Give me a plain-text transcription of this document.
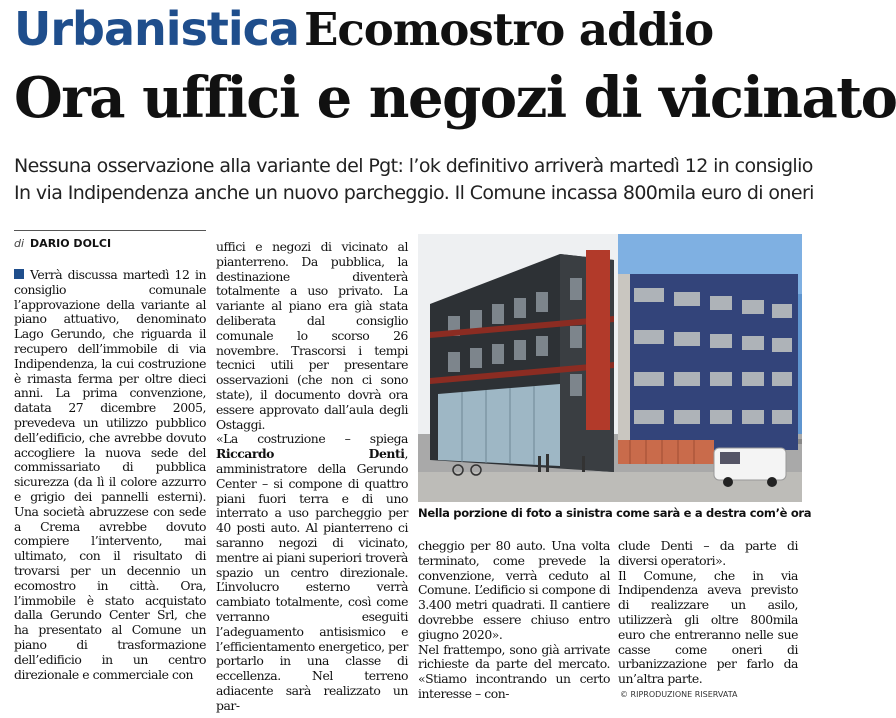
Urbanistica Ecomostro addio
Ora uffici e negozi di vicinato
Nessuna osservazione alla variante del Pgt: l’ok definitivo arriverà martedì 12 in consiglio
In via Indipendenza anche un nuovo parcheggio. Il Comune incassa 800mila euro di oneri
di DARIO DOLCI

Verrà discussa martedì 12 in consiglio comunale l’approvazione della variante al piano attuativo, denominato Lago Gerundo, che riguarda il recupero dell’immobile di via Indipendenza, la cui costruzione è rimasta ferma per oltre dieci anni. La prima convenzione, datata 27 dicembre 2005, prevedeva un utilizzo pubblico dell’edificio, che avrebbe dovuto accogliere la nuova sede del commissariato di pubblica sicurezza (da lì il colore azzurro e grigio dei pannelli esterni). Una società abruzzese con sede a Crema avrebbe dovuto compiere l’intervento, mai ultimato, con il risultato di trovarsi per un decennio un ecomostro in città. Ora, l’immobile è stato acquistato dalla Gerundo Center Srl, che ha presentato al Comune un piano di trasformazione dell’edificio in un centro direzionale e commerciale con

uffici e negozi di vicinato al pianterreno. Da pubblica, la destinazione diventerà totalmente a uso privato. La variante al piano era già stata deliberata dal consiglio comunale lo scorso 26 novembre. Trascorsi i tempi tecnici utili per presentare osservazioni (che non ci sono state), il documento dovrà ora essere approvato dall’aula degli Ostaggi.

«La costruzione – spiega Riccardo Denti, amministratore della Gerundo Center – si compone di quattro piani fuori terra e di uno interrato a uso parcheggio per 40 posti auto. Al pianterreno ci saranno negozi di vicinato, mentre ai piani superiori troverà spazio un centro direzionale. L’involucro esterno verrà cambiato totalmente, così come verranno eseguiti l’adeguamento antisismico e l’efficientamento energetico, per portarlo in una classe di eccellenza. Nel terreno adiacente sarà realizzato un par-

Nella porzione di foto a sinistra come sarà e a destra com’è ora

cheggio per 80 auto. Una volta terminato, come prevede la convenzione, verrà ceduto al Comune. L’edificio si compone di 3.400 metri quadrati. Il cantiere dovrebbe essere chiuso entro giugno 2020».

Nel frattempo, sono già arrivate richieste da parte del mercato. «Stiamo incontrando un certo interesse – con-

clude Denti – da parte di diversi operatori».

Il Comune, che in via Indipendenza aveva previsto di realizzare un asilo, utilizzerà gli oltre 800mila euro che entreranno nelle sue casse come oneri di urbanizzazione per farlo da un’altra parte.

© RIPRODUZIONE RISERVATA
